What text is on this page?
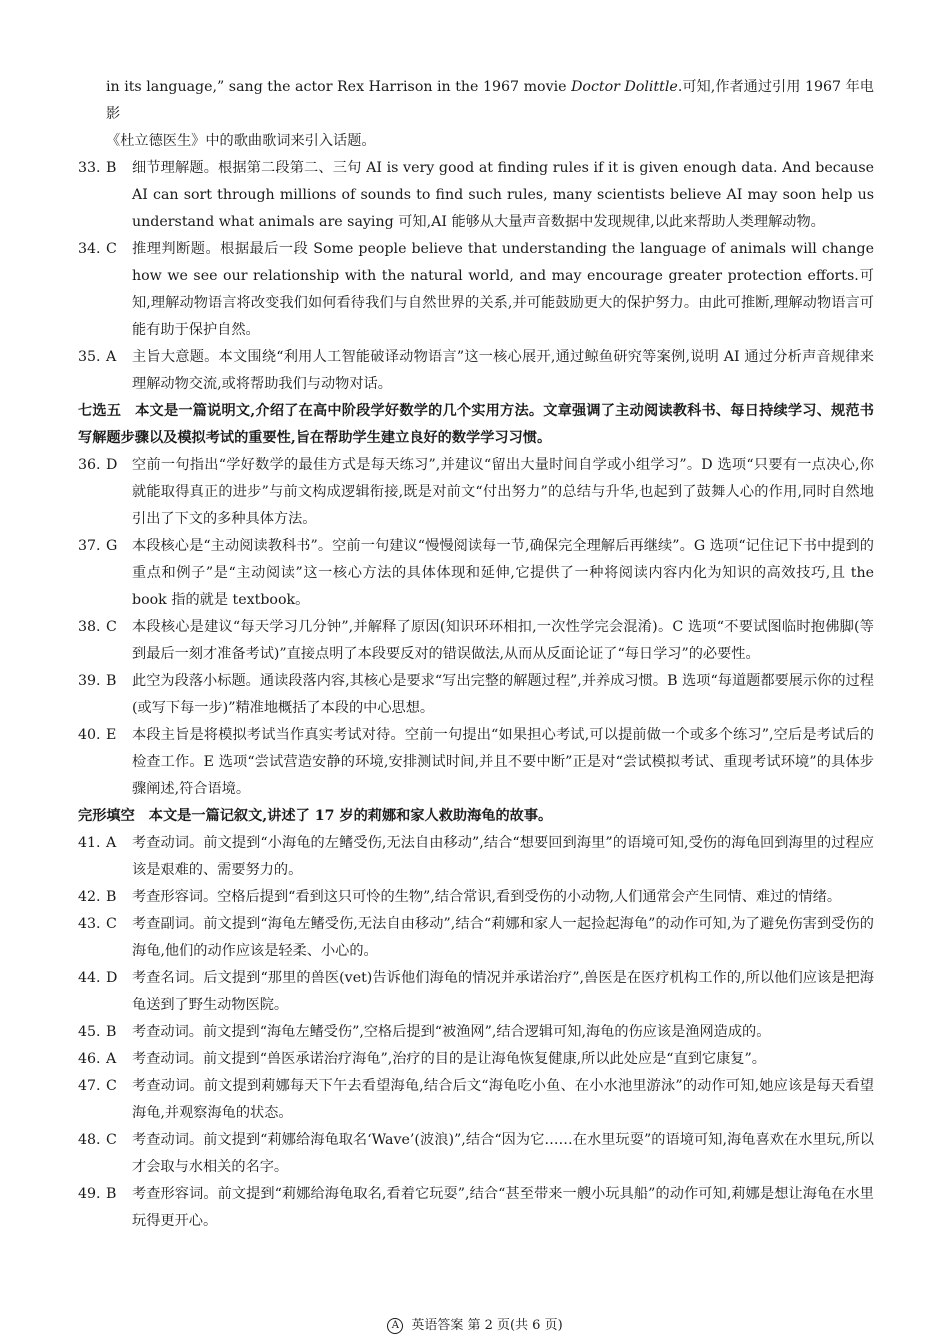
in its language,” sang the actor Rex Harrison in the 1967 movie Doctor Dolittle.可知,作者通过引用 1967 年电影
《杜立德医生》中的歌曲歌词来引入话题。

33. B	细节理解题。根据第二段第二、三句 AI is very good at finding rules if it is given enough data. And because AI can sort through millions of sounds to find such rules, many scientists believe AI may soon help us understand what animals are saying 可知,AI 能够从大量声音数据中发现规律,以此来帮助人类理解动物。
34. C	推理判断题。根据最后一段 Some people believe that understanding the language of animals will change how we see our relationship with the natural world, and may encourage greater protection efforts.可知,理解动物语言将改变我们如何看待我们与自然世界的关系,并可能鼓励更大的保护努力。由此可推断,理解动物语言可能有助于保护自然。
35. A	主旨大意题。本文围绕“利用人工智能破译动物语言”这一核心展开,通过鲸鱼研究等案例,说明 AI 通过分析声音规律来理解动物交流,或将帮助我们与动物对话。

七选五 本文是一篇说明文,介绍了在高中阶段学好数学的几个实用方法。文章强调了主动阅读教科书、每日持续学习、规范书写解题步骤以及模拟考试的重要性,旨在帮助学生建立良好的数学学习习惯。

36. D	空前一句指出“学好数学的最佳方式是每天练习”,并建议“留出大量时间自学或小组学习”。D 选项“只要有一点决心,你就能取得真正的进步”与前文构成逻辑衔接,既是对前文“付出努力”的总结与升华,也起到了鼓舞人心的作用,同时自然地引出了下文的多种具体方法。
37. G	本段核心是“主动阅读教科书”。空前一句建议“慢慢阅读每一节,确保完全理解后再继续”。G 选项“记住记下书中提到的重点和例子”是“主动阅读”这一核心方法的具体体现和延伸,它提供了一种将阅读内容内化为知识的高效技巧,且 the book 指的就是 textbook。
38. C	本段核心是建议“每天学习几分钟”,并解释了原因(知识环环相扣,一次性学完会混淆)。C 选项“不要试图临时抱佛脚(等到最后一刻才准备考试)”直接点明了本段要反对的错误做法,从而从反面论证了“每日学习”的必要性。
39. B	此空为段落小标题。通读段落内容,其核心是要求“写出完整的解题过程”,并养成习惯。B 选项“每道题都要展示你的过程(或写下每一步)”精准地概括了本段的中心思想。
40. E	本段主旨是将模拟考试当作真实考试对待。空前一句提出“如果担心考试,可以提前做一个或多个练习”,空后是考试后的检查工作。E 选项“尝试营造安静的环境,安排测试时间,并且不要中断”正是对“尝试模拟考试、重现考试环境”的具体步骤阐述,符合语境。

完形填空 本文是一篇记叙文,讲述了 17 岁的莉娜和家人救助海龟的故事。

41. A	考查动词。前文提到“小海龟的左鳍受伤,无法自由移动”,结合“想要回到海里”的语境可知,受伤的海龟回到海里的过程应该是艰难的、需要努力的。
42. B	考查形容词。空格后提到“看到这只可怜的生物”,结合常识,看到受伤的小动物,人们通常会产生同情、难过的情绪。
43. C	考查副词。前文提到“海龟左鳍受伤,无法自由移动”,结合“莉娜和家人一起捡起海龟”的动作可知,为了避免伤害到受伤的海龟,他们的动作应该是轻柔、小心的。
44. D	考查名词。后文提到“那里的兽医(vet)告诉他们海龟的情况并承诺治疗”,兽医是在医疗机构工作的,所以他们应该是把海龟送到了野生动物医院。
45. B	考查动词。前文提到“海龟左鳍受伤”,空格后提到“被渔网”,结合逻辑可知,海龟的伤应该是渔网造成的。
46. A	考查动词。前文提到“兽医承诺治疗海龟”,治疗的目的是让海龟恢复健康,所以此处应是“直到它康复”。
47. C	考查动词。前文提到莉娜每天下午去看望海龟,结合后文“海龟吃小鱼、在小水池里游泳”的动作可知,她应该是每天看望海龟,并观察海龟的状态。
48. C	考查动词。前文提到“莉娜给海龟取名‘Wave’(波浪)”,结合“因为它……在水里玩耍”的语境可知,海龟喜欢在水里玩,所以才会取与水相关的名字。
49. B	考查形容词。前文提到“莉娜给海龟取名,看着它玩耍”,结合“甚至带来一艘小玩具船”的动作可知,莉娜是想让海龟在水里玩得更开心。
A 英语答案 第 2 页(共 6 页)
